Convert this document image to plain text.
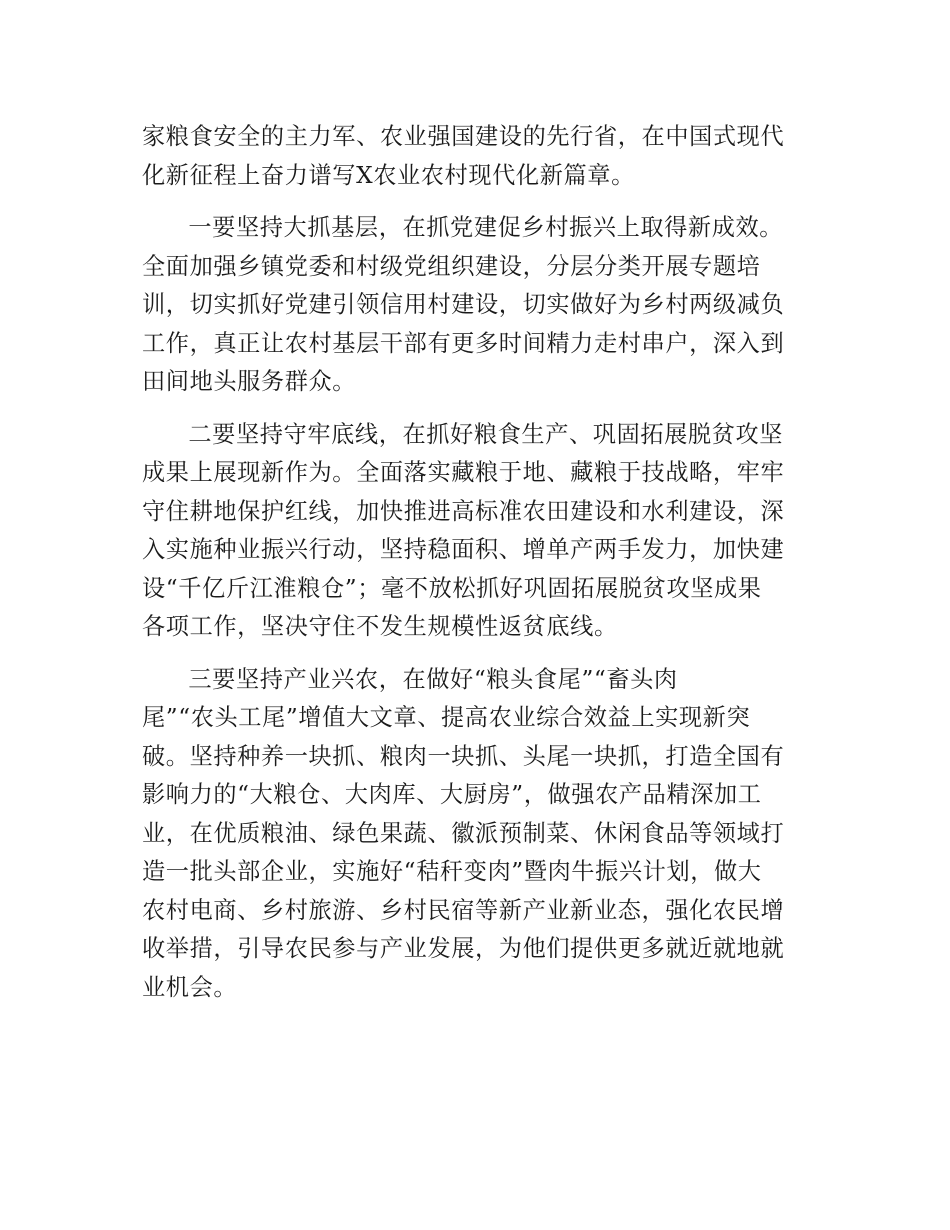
家粮食安全的主力军、农业强国建设的先行省，在中国式现代
化新征程上奋力谱写X农业农村现代化新篇章。

一要坚持大抓基层，在抓党建促乡村振兴上取得新成效。
全面加强乡镇党委和村级党组织建设，分层分类开展专题培
训，切实抓好党建引领信用村建设，切实做好为乡村两级减负
工作，真正让农村基层干部有更多时间精力走村串户，深入到
田间地头服务群众。

二要坚持守牢底线，在抓好粮食生产、巩固拓展脱贫攻坚
成果上展现新作为。全面落实藏粮于地、藏粮于技战略，牢牢
守住耕地保护红线，加快推进高标准农田建设和水利建设，深
入实施种业振兴行动，坚持稳面积、增单产两手发力，加快建
设“千亿斤江淮粮仓”；毫不放松抓好巩固拓展脱贫攻坚成果
各项工作，坚决守住不发生规模性返贫底线。

三要坚持产业兴农，在做好“粮头食尾”“畜头肉
尾”“农头工尾”增值大文章、提高农业综合效益上实现新突
破。坚持种养一块抓、粮肉一块抓、头尾一块抓，打造全国有
影响力的“大粮仓、大肉库、大厨房”，做强农产品精深加工
业，在优质粮油、绿色果蔬、徽派预制菜、休闲食品等领域打
造一批头部企业，实施好“秸秆变肉”暨肉牛振兴计划，做大
农村电商、乡村旅游、乡村民宿等新产业新业态，强化农民增
收举措，引导农民参与产业发展，为他们提供更多就近就地就
业机会。
